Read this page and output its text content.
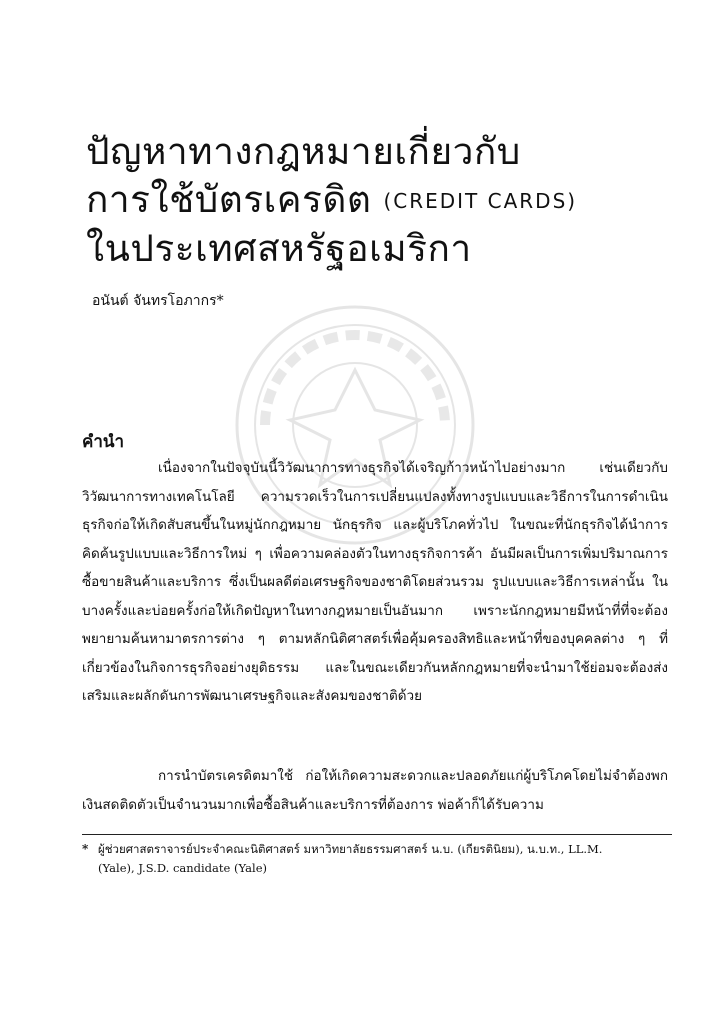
ปัญหาทางกฎหมายเกี่ยวกับ
การใช้บัตรเครดิต (CREDIT CARDS)
ในประเทศสหรัฐอเมริกา
อนันต์ จันทรโอภากร*
คำนำ

เนื่องจากในปัจจุบันนี้วิวัฒนาการทางธุรกิจได้เจริญก้าวหน้าไปอย่างมาก เช่นเดียวกับวิวัฒนาการทางเทคโนโลยี ความรวดเร็วในการเปลี่ยนแปลงทั้งทางรูปแบบและวิธีการในการดำเนินธุรกิจก่อให้เกิดสับสนขึ้นในหมู่นักกฎหมาย นักธุรกิจ และผู้บริโภคทั่วไป ในขณะที่นักธุรกิจได้นำการคิดค้นรูปแบบและวิธีการใหม่ ๆ เพื่อความคล่องตัวในทางธุรกิจการค้า อันมีผลเป็นการเพิ่มปริมาณการซื้อขายสินค้าและบริการ ซึ่งเป็นผลดีต่อเศรษฐกิจของชาติโดยส่วนรวม รูปแบบและวิธีการเหล่านั้น ในบางครั้งและบ่อยครั้งก่อให้เกิดปัญหาในทางกฎหมายเป็นอันมาก เพราะนักกฎหมายมีหน้าที่ที่จะต้องพยายามค้นหามาตรการต่าง ๆ ตามหลักนิติศาสตร์เพื่อคุ้มครองสิทธิและหน้าที่ของบุคคลต่าง ๆ ที่เกี่ยวข้องในกิจการธุรกิจอย่างยุติธรรม และในขณะเดียวกันหลักกฎหมายที่จะนำมาใช้ย่อมจะต้องส่งเสริมและผลักดันการพัฒนาเศรษฐกิจและสังคมของชาติด้วย

การนำบัตรเครดิตมาใช้ ก่อให้เกิดความสะดวกและปลอดภัยแก่ผู้บริโภคโดยไม่จำต้องพกเงินสดติดตัวเป็นจำนวนมากเพื่อซื้อสินค้าและบริการที่ต้องการ พ่อค้าก็ได้รับความ

* ผู้ช่วยศาสตราจารย์ประจำคณะนิติศาสตร์ มหาวิทยาลัยธรรมศาสตร์ น.บ. (เกียรตินิยม), น.บ.ท., LL.M.
(Yale), J.S.D. candidate (Yale)
